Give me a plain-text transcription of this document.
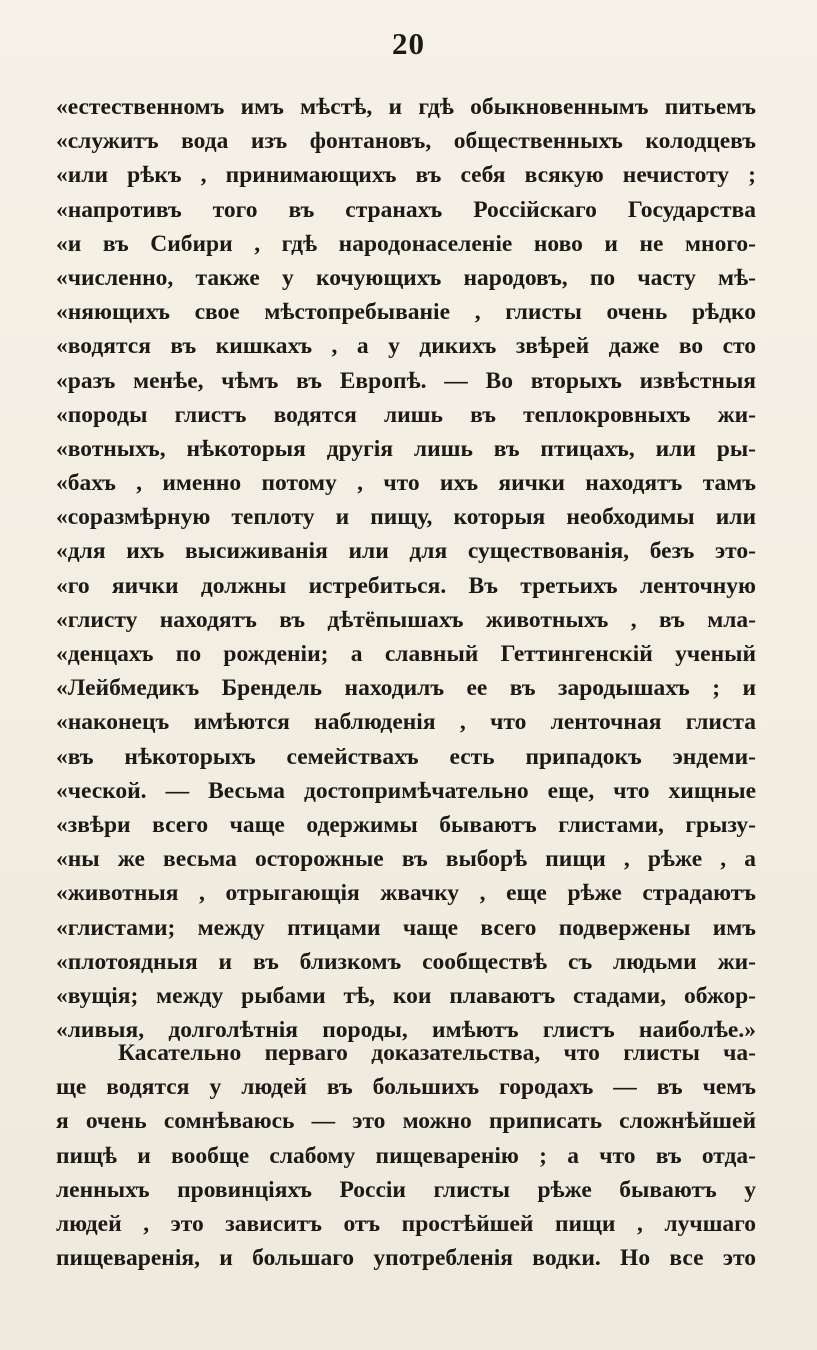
20
«естественномъ имъ мѣстѣ, и гдѣ обыкновеннымъ питьемъ
«служитъ вода изъ фонтановъ, общественныхъ колодцевъ
«или рѣкъ , принимающихъ въ себя всякую нечистоту ;
«напротивъ того въ странахъ Россійскаго Государства
«и въ Сибири , гдѣ народонаселеніе ново и не много-
«численно, также у кочующихъ народовъ, по часту мѣ-
«няющихъ свое мѣстопребываніе , глисты очень рѣдко
«водятся въ кишкахъ , а у дикихъ звѣрей даже во сто
«разъ менѣе, чѣмъ въ Европѣ. — Во вторыхъ извѣстныя
«породы глистъ водятся лишь въ теплокровныхъ жи-
«вотныхъ, нѣкоторыя другія лишь въ птицахъ, или ры-
«бахъ , именно потому , что ихъ яички находятъ тамъ
«соразмѣрную теплоту и пищу, которыя необходимы или
«для ихъ высиживанія или для существованія, безъ это-
«го яички должны истребиться. Въ третьихъ ленточную
«глисту находятъ въ дѣтёпышахъ животныхъ , въ мла-
«денцахъ по рожденіи; а славный Геттингенскій ученый
«Лейбмедикъ Брендель находилъ ее въ зародышахъ ; и
«наконецъ имѣются наблюденія , что ленточная глиста
«въ нѣкоторыхъ семействахъ есть припадокъ эндеми-
«ческой. — Весьма достопримѣчательно еще, что хищные
«звѣри всего чаще одержимы бываютъ глистами, грызу-
«ны же весьма осторожные въ выборѣ пищи , рѣже , а
«животныя , отрыгающія жвачку , еще рѣже страдаютъ
«глистами; между птицами чаще всего подвержены имъ
«плотоядныя и въ близкомъ сообществѣ съ людьми жи-
«вущія; между рыбами тѣ, кои плаваютъ стадами, обжор-
«ливыя, долголѣтнія породы, имѣютъ глистъ наиболѣе.»
Касательно перваго доказательства, что глисты ча-
ще водятся у людей въ большихъ городахъ — въ чемъ
я очень сомнѣваюсь — это можно приписать сложнѣйшей
пищѣ и вообще слабому пищеваренію ; а что въ отда-
ленныхъ провинціяхъ Россіи глисты рѣже бываютъ у
людей , это зависитъ отъ простѣйшей пищи , лучшаго
пищеваренія, и большаго употребленія водки. Но все это
